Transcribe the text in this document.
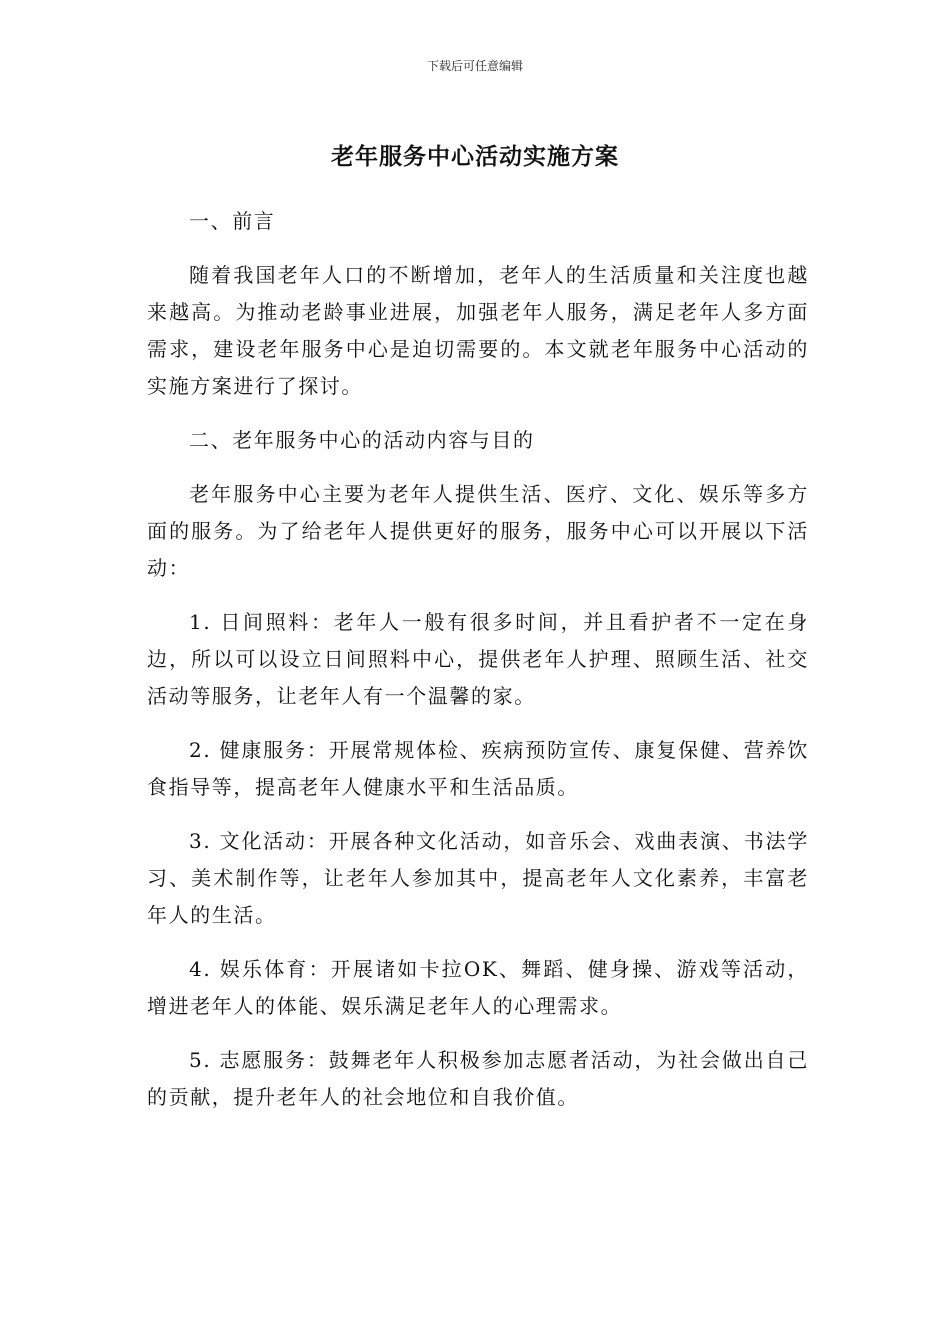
下载后可任意编辑
老年服务中心活动实施方案

一、前言

随着我国老年人口的不断增加，老年人的生活质量和关注度也越来越高。为推动老龄事业进展，加强老年人服务，满足老年人多方面需求，建设老年服务中心是迫切需要的。本文就老年服务中心活动的实施方案进行了探讨。

二、老年服务中心的活动内容与目的

老年服务中心主要为老年人提供生活、医疗、文化、娱乐等多方面的服务。为了给老年人提供更好的服务，服务中心可以开展以下活动：

1. 日间照料：老年人一般有很多时间，并且看护者不一定在身边，所以可以设立日间照料中心，提供老年人护理、照顾生活、社交活动等服务，让老年人有一个温馨的家。

2. 健康服务：开展常规体检、疾病预防宣传、康复保健、营养饮食指导等，提高老年人健康水平和生活品质。

3. 文化活动：开展各种文化活动，如音乐会、戏曲表演、书法学习、美术制作等，让老年人参加其中，提高老年人文化素养，丰富老年人的生活。

4. 娱乐体育：开展诸如卡拉OK、舞蹈、健身操、游戏等活动，增进老年人的体能、娱乐满足老年人的心理需求。

5. 志愿服务：鼓舞老年人积极参加志愿者活动，为社会做出自己的贡献，提升老年人的社会地位和自我价值。
